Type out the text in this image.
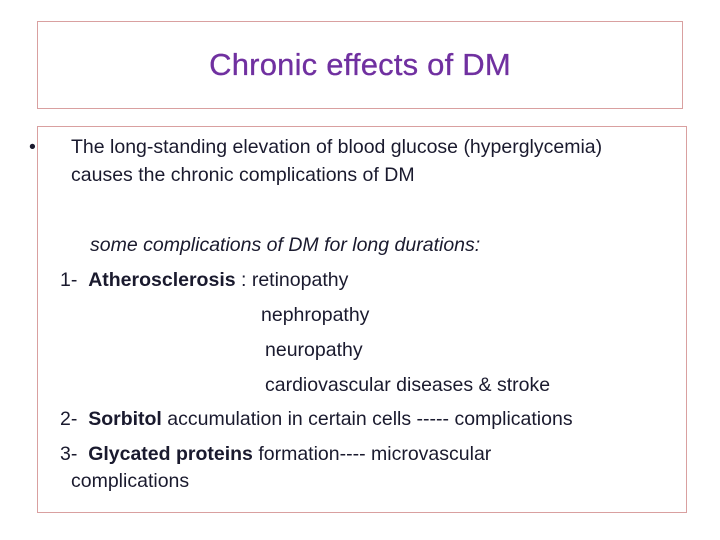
Chronic effects of DM
• The long-standing elevation of blood glucose (hyperglycemia)
causes the chronic complications of DM
some complications of DM for long durations:
1- Atherosclerosis : retinopathy
nephropathy
neuropathy
cardiovascular diseases & stroke
2- Sorbitol accumulation in certain cells ----- complications
3- Glycated proteins formation---- microvascular
complications
